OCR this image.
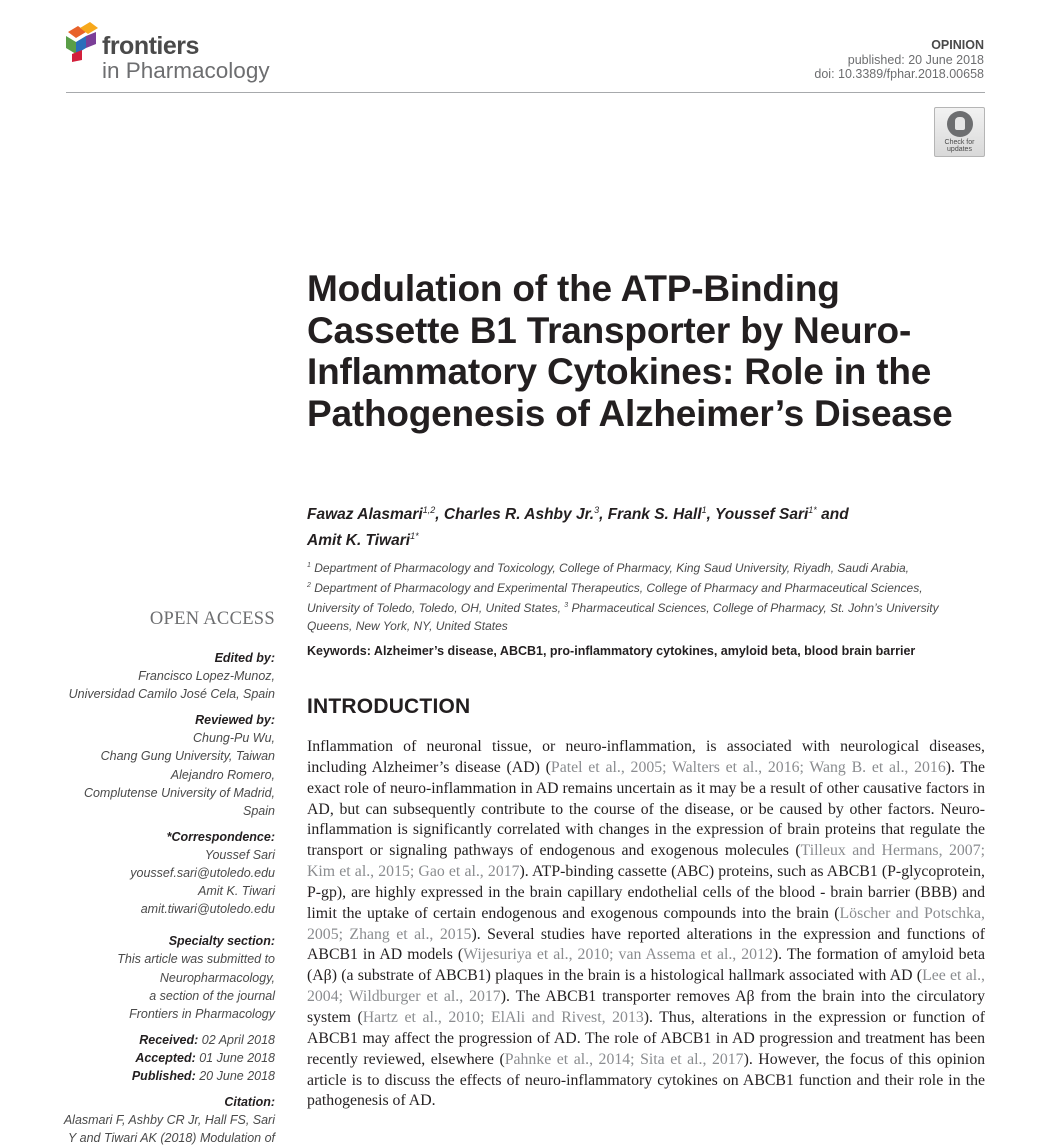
frontiers
in Pharmacology
OPINION
published: 20 June 2018
doi: 10.3389/fphar.2018.00658
Check for updates
Modulation of the ATP-Binding Cassette B1 Transporter by Neuro-Inflammatory Cytokines: Role in the Pathogenesis of Alzheimer’s Disease
Fawaz Alasmari$^{1,2}$, Charles R. Ashby Jr.$^3$, Frank S. Hall$^1$, Youssef Sari$^{1*}$ and
Amit K. Tiwari$^{1*}$
$^1$ Department of Pharmacology and Toxicology, College of Pharmacy, King Saud University, Riyadh, Saudi Arabia,
$^2$ Department of Pharmacology and Experimental Therapeutics, College of Pharmacy and Pharmaceutical Sciences, University of Toledo, Toledo, OH, United States, $^3$ Pharmaceutical Sciences, College of Pharmacy, St. John’s University Queens, New York, NY, United States
Keywords: Alzheimer’s disease, ABCB1, pro-inflammatory cytokines, amyloid beta, blood brain barrier
INTRODUCTION

Inflammation of neuronal tissue, or neuro-inflammation, is associated with neurological diseases, including Alzheimer’s disease (AD) (Patel et al., 2005; Walters et al., 2016; Wang B. et al., 2016). The exact role of neuro-inflammation in AD remains uncertain as it may be a result of other causative factors in AD, but can subsequently contribute to the course of the disease, or be caused by other factors. Neuro-inflammation is significantly correlated with changes in the expression of brain proteins that regulate the transport or signaling pathways of endogenous and exogenous molecules (Tilleux and Hermans, 2007; Kim et al., 2015; Gao et al., 2017). ATP-binding cassette (ABC) proteins, such as ABCB1 (P-glycoprotein, P-gp), are highly expressed in the brain capillary endothelial cells of the blood - brain barrier (BBB) and limit the uptake of certain endogenous and exogenous compounds into the brain (Löscher and Potschka, 2005; Zhang et al., 2015). Several studies have reported alterations in the expression and functions of ABCB1 in AD models (Wijesuriya et al., 2010; van Assema et al., 2012). The formation of amyloid beta (Aβ) (a substrate of ABCB1) plaques in the brain is a histological hallmark associated with AD (Lee et al., 2004; Wildburger et al., 2017). The ABCB1 transporter removes Aβ from the brain into the circulatory system (Hartz et al., 2010; ElAli and Rivest, 2013). Thus, alterations in the expression or function of ABCB1 may affect the progression of AD. The role of ABCB1 in AD progression and treatment has been recently reviewed, elsewhere (Pahnke et al., 2014; Sita et al., 2017). However, the focus of this opinion article is to discuss the effects of neuro-inflammatory cytokines on ABCB1 function and their role in the pathogenesis of AD.

OPEN ACCESS
Edited by:
Francisco Lopez-Munoz,
Universidad Camilo José Cela, Spain
Reviewed by:
Chung-Pu Wu,
Chang Gung University, Taiwan
Alejandro Romero,
Complutense University of Madrid,
Spain
*Correspondence:
Youssef Sari
youssef.sari@utoledo.edu
Amit K. Tiwari
amit.tiwari@utoledo.edu
Specialty section:
This article was submitted to
Neuropharmacology,
a section of the journal
Frontiers in Pharmacology
Received: 02 April 2018
Accepted: 01 June 2018
Published: 20 June 2018
Citation:
Alasmari F, Ashby CR Jr, Hall FS, Sari
Y and Tiwari AK (2018) Modulation of
